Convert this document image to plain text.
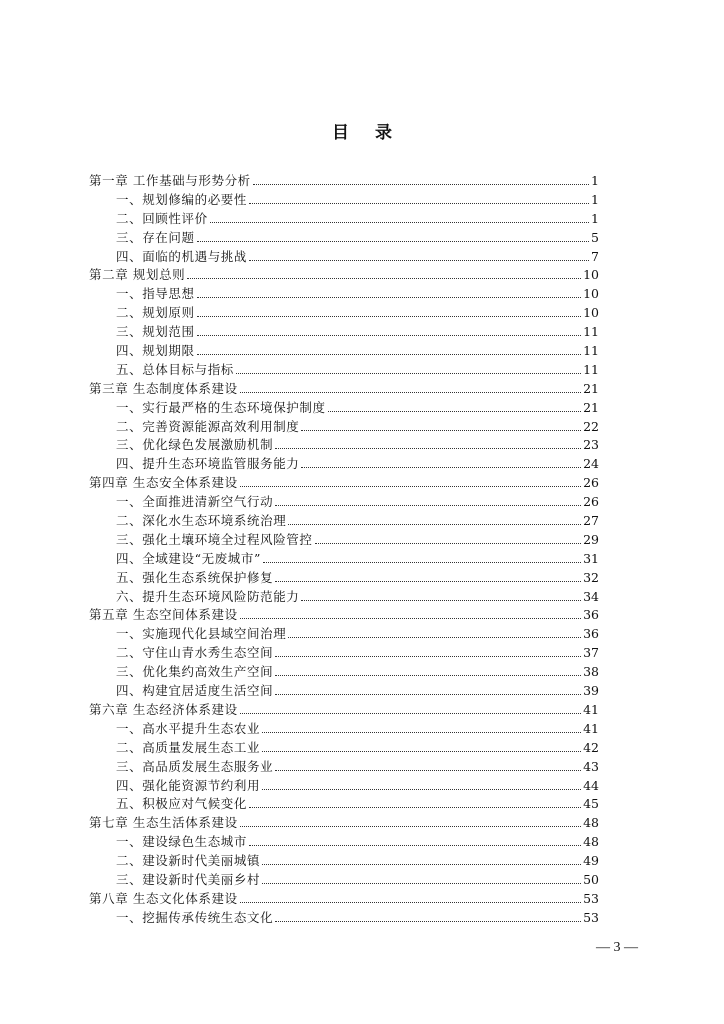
目 录
第一章 工作基础与形势分析	1
一、规划修编的必要性	1
二、回顾性评价	1
三、存在问题	5
四、面临的机遇与挑战	7
第二章 规划总则	10
一、指导思想	10
二、规划原则	10
三、规划范围	11
四、规划期限	11
五、总体目标与指标	11
第三章 生态制度体系建设	21
一、实行最严格的生态环境保护制度	21
二、完善资源能源高效利用制度	22
三、优化绿色发展激励机制	23
四、提升生态环境监管服务能力	24
第四章 生态安全体系建设	26
一、全面推进清新空气行动	26
二、深化水生态环境系统治理	27
三、强化土壤环境全过程风险管控	29
四、全域建设“无废城市”	31
五、强化生态系统保护修复	32
六、提升生态环境风险防范能力	34
第五章 生态空间体系建设	36
一、实施现代化县域空间治理	36
二、守住山青水秀生态空间	37
三、优化集约高效生产空间	38
四、构建宜居适度生活空间	39
第六章 生态经济体系建设	41
一、高水平提升生态农业	41
二、高质量发展生态工业	42
三、高品质发展生态服务业	43
四、强化能资源节约利用	44
五、积极应对气候变化	45
第七章 生态生活体系建设	48
一、建设绿色生态城市	48
二、建设新时代美丽城镇	49
三、建设新时代美丽乡村	50
第八章 生态文化体系建设	53
一、挖掘传承传统生态文化	53
— 3 —
